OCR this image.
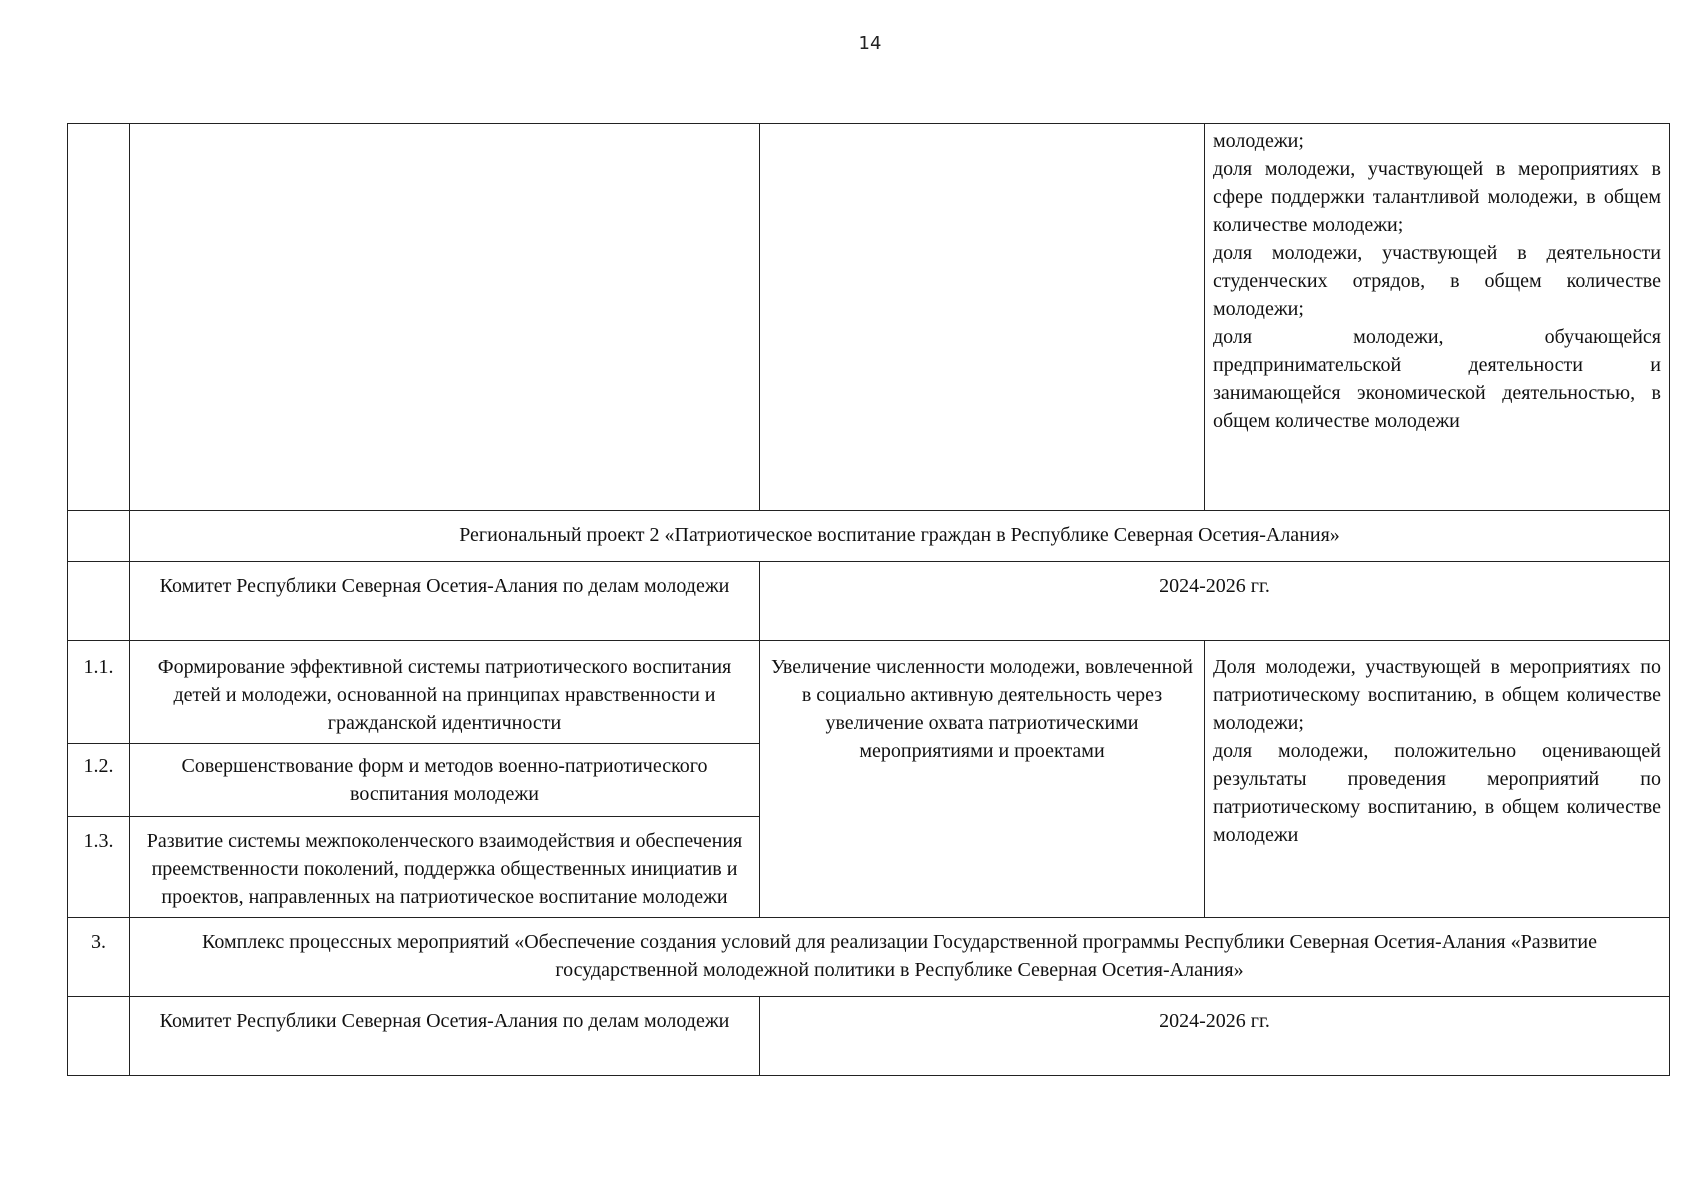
14

			молодежи;
доля молодежи, участвующей в мероприятиях в сфере поддержки талантливой молодежи, в общем количестве молодежи;
доля молодежи, участвующей в деятельности студенческих отрядов, в общем количестве молодежи;
доля молодежи, обучающейся предпринимательской деятельности и занимающейся экономической деятельностью, в общем количестве молодежи

	Региональный проект 2 «Патриотическое воспитание граждан в Республике Северная Осетия-Алания»		
	Комитет Республики Северная Осетия-Алания по делам молодежи	2024-2026 гг.	
1.1.	Формирование эффективной системы патриотического воспитания детей и молодежи, основанной на принципах нравственности и гражданской идентичности	Увеличение численности молодежи, вовлеченной в социально активную деятельность через увеличение охвата патриотическими мероприятиями и проектами	Доля молодежи, участвующей в мероприятиях по патриотическому воспитанию, в общем количестве молодежи;
доля молодежи, положительно оценивающей результаты проведения мероприятий по патриотическому воспитанию, в общем количестве молодежи

1.2.	Совершенствование форм и методов военно-патриотического воспитания молодежи		
1.3.	Развитие системы межпоколенческого взаимодействия и обеспечения преемственности поколений, поддержка общественных инициатив и проектов, направленных на патриотическое воспитание молодежи		
3.	Комплекс процессных мероприятий «Обеспечение создания условий для реализации Государственной программы Республики Северная Осетия-Алания «Развитие государственной молодежной политики в Республике Северная Осетия-Алания»		
	Комитет Республики Северная Осетия-Алания по делам молодежи	2024-2026 гг.	
